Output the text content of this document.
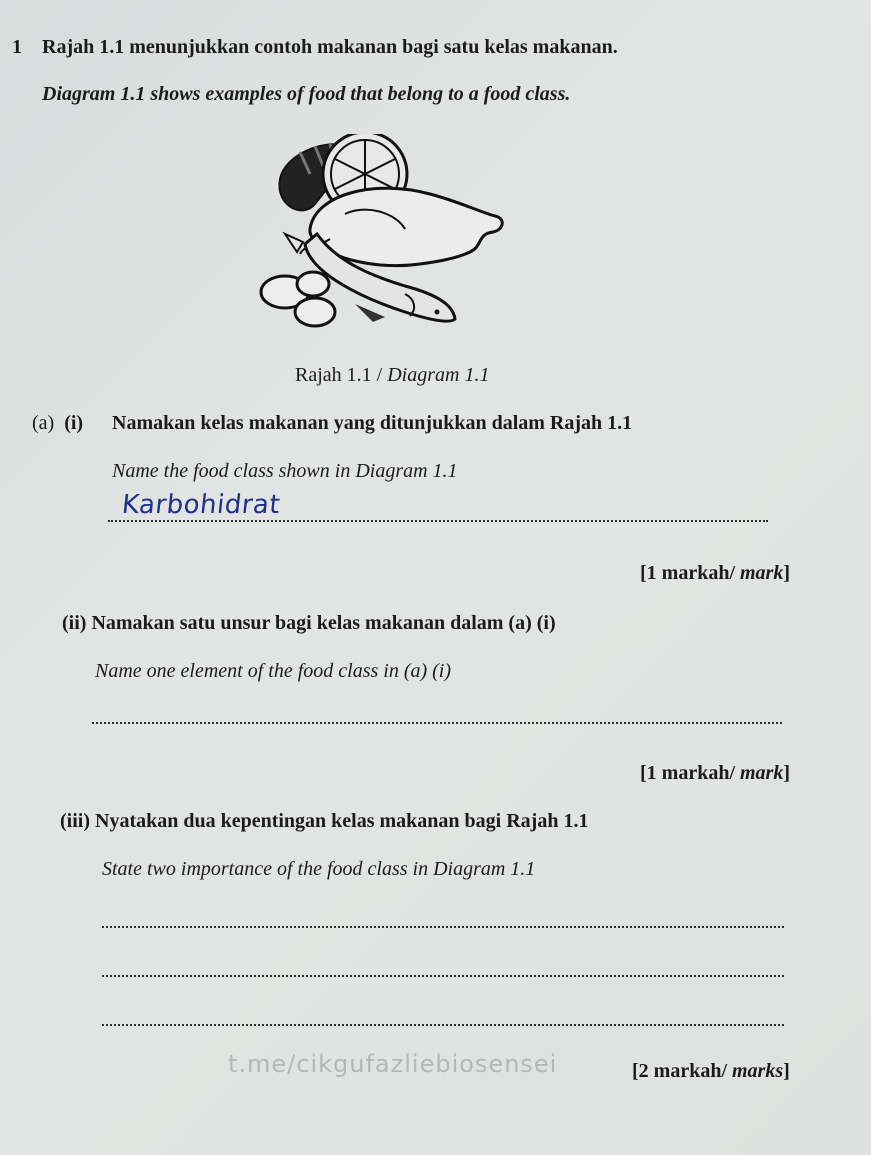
1 Rajah 1.1 menunjukkan contoh makanan bagi satu kelas makanan.
Diagram 1.1 shows examples of food that belong to a food class.
Rajah 1.1 / Diagram 1.1
(a) (i) Namakan kelas makanan yang ditunjukkan dalam Rajah 1.1
Name the food class shown in Diagram 1.1
Karbohidrat
[1 markah/ mark]
(ii) Namakan satu unsur bagi kelas makanan dalam (a) (i)
Name one element of the food class in (a) (i)
[1 markah/ mark]
(iii) Nyatakan dua kepentingan kelas makanan bagi Rajah 1.1
State two importance of the food class in Diagram 1.1
t.me/cikgufazliebiosensei	[2 markah/ marks]
